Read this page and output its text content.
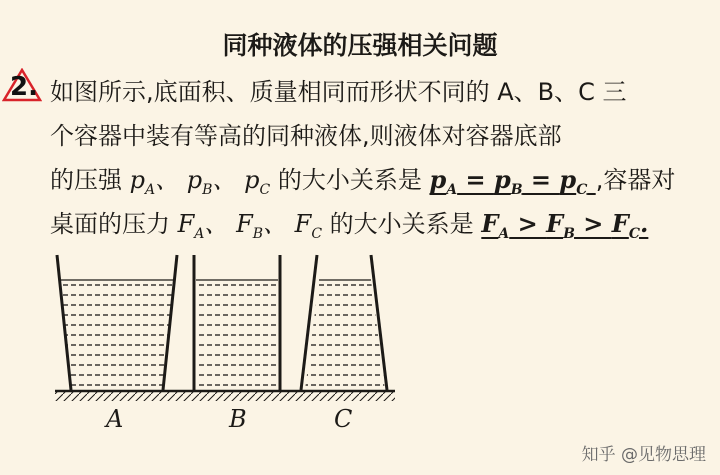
同种液体的压强相关问题
2. 如图所示,底面积、质量相同而形状不同的 A、B、C 三
个容器中装有等高的同种液体,则液体对容器底部
的压强 $p_A$、 $p_B$、 $p_C$ 的大小关系是 $p_A = p_B = p_C$ ,容器对
桌面的压力 $F_A$、 $F_B$、 $F_C$ 的大小关系是 $F_A > F_B > F_C$.
A	B	C
知乎 @见物思理
